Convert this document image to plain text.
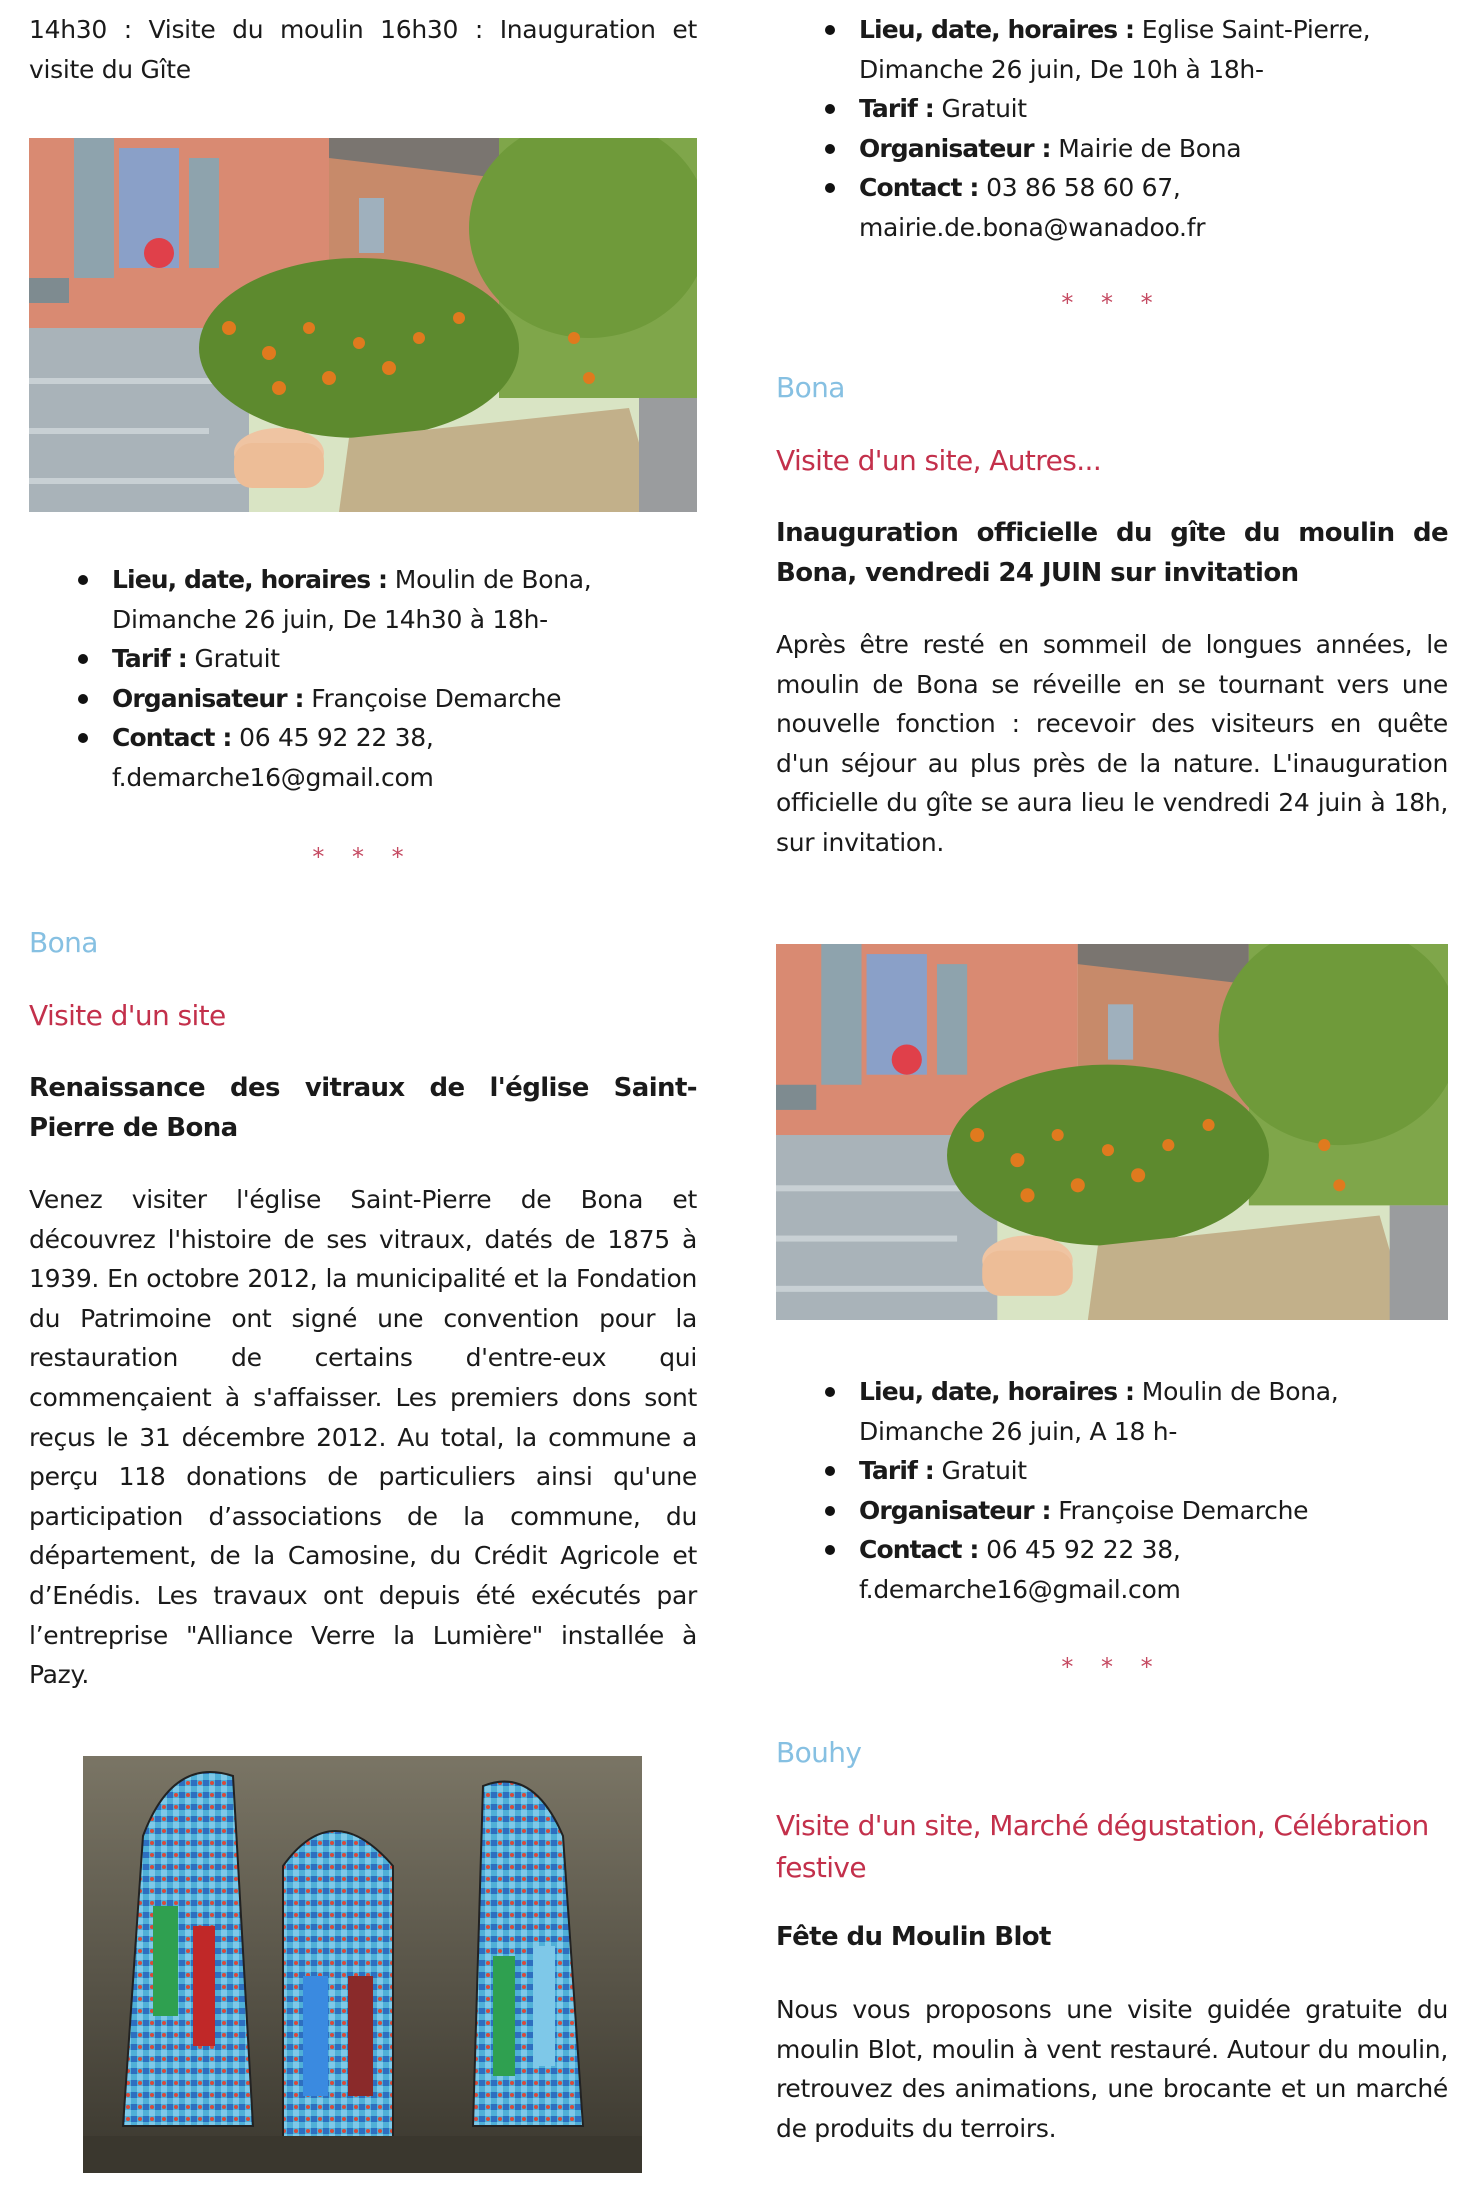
14h30 : Visite du moulin 16h30 : Inauguration et visite du Gîte

Lieu, date, horaires : Moulin de Bona, Dimanche 26 juin, De 14h30 à 18h-
Tarif : Gratuit
Organisateur : Françoise Demarche
Contact : 06 45 92 22 38, f.demarche16@gmail.com
* * *

Bona

Visite d'un site

Renaissance des vitraux de l'église Saint-Pierre de Bona

Venez visiter l'église Saint-Pierre de Bona et découvrez l'histoire de ses vitraux, datés de 1875 à 1939. En octobre 2012, la municipalité et la Fondation du Patrimoine ont signé une convention pour la restauration de certains d'entre-eux qui commençaient à s'affaisser. Les premiers dons sont reçus le 31 décembre 2012. Au total, la commune a perçu 118 donations de particuliers ainsi qu'une participation d’associations de la commune, du département, de la Camosine, du Crédit Agricole et d’Enédis. Les travaux ont depuis été exécutés par l’entreprise "Alliance Verre la Lumière" installée à Pazy.

Lieu, date, horaires : Eglise Saint-Pierre, Dimanche 26 juin, De 10h à 18h-
Tarif : Gratuit
Organisateur : Mairie de Bona
Contact : 03 86 58 60 67, mairie.de.bona@wanadoo.fr
* * *

Bona

Visite d'un site, Autres...

Inauguration officielle du gîte du moulin de Bona, vendredi 24 JUIN sur invitation

Après être resté en sommeil de longues années, le moulin de Bona se réveille en se tournant vers une nouvelle fonction : recevoir des visiteurs en quête d'un séjour au plus près de la nature. L'inauguration officielle du gîte se aura lieu le vendredi 24 juin à 18h, sur invitation.

Lieu, date, horaires : Moulin de Bona, Dimanche 26 juin, A 18 h-
Tarif : Gratuit
Organisateur : Françoise Demarche
Contact : 06 45 92 22 38, f.demarche16@gmail.com
* * *

Bouhy

Visite d'un site, Marché dégustation, Célébration festive

Fête du Moulin Blot

Nous vous proposons une visite guidée gratuite du moulin Blot, moulin à vent restauré. Autour du moulin, retrouvez des animations, une brocante et un marché de produits du terroirs.
